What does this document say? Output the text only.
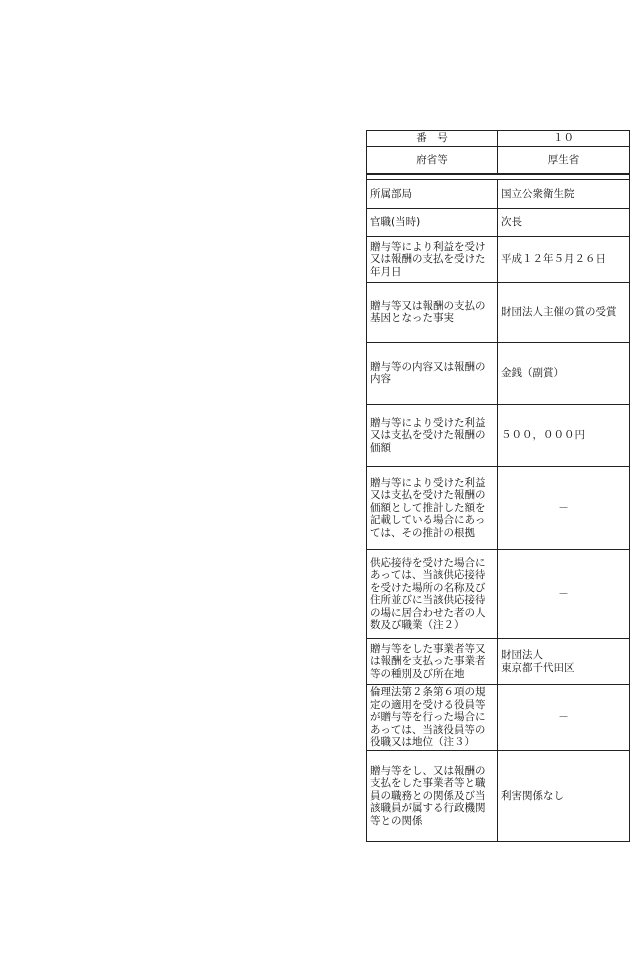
番　号	１０
府省等	厚生省

所属部局	国立公衆衛生院
官職(当時)	次長
贈与等により利益を受け又は報酬の支払を受けた年月日	平成１２年５月２６日
贈与等又は報酬の支払の基因となった事実	財団法人主催の賞の受賞
贈与等の内容又は報酬の内容	金銭（副賞）
贈与等により受けた利益又は支払を受けた報酬の価額	５００，０００円
贈与等により受けた利益又は支払を受けた報酬の価額として推計した額を記載している場合にあっては、その推計の根拠	－
供応接待を受けた場合にあっては、当該供応接待を受けた場所の名称及び住所並びに当該供応接待の場に居合わせた者の人数及び職業（注２）	－
贈与等をした事業者等又は報酬を支払った事業者等の種別及び所在地	財団法人
東京都千代田区
倫理法第２条第６項の規定の適用を受ける役員等が贈与等を行った場合にあっては、当該役員等の役職又は地位（注３）	－
贈与等をし、又は報酬の支払をした事業者等と職員の職務との関係及び当該職員が属する行政機関等との関係	利害関係なし
